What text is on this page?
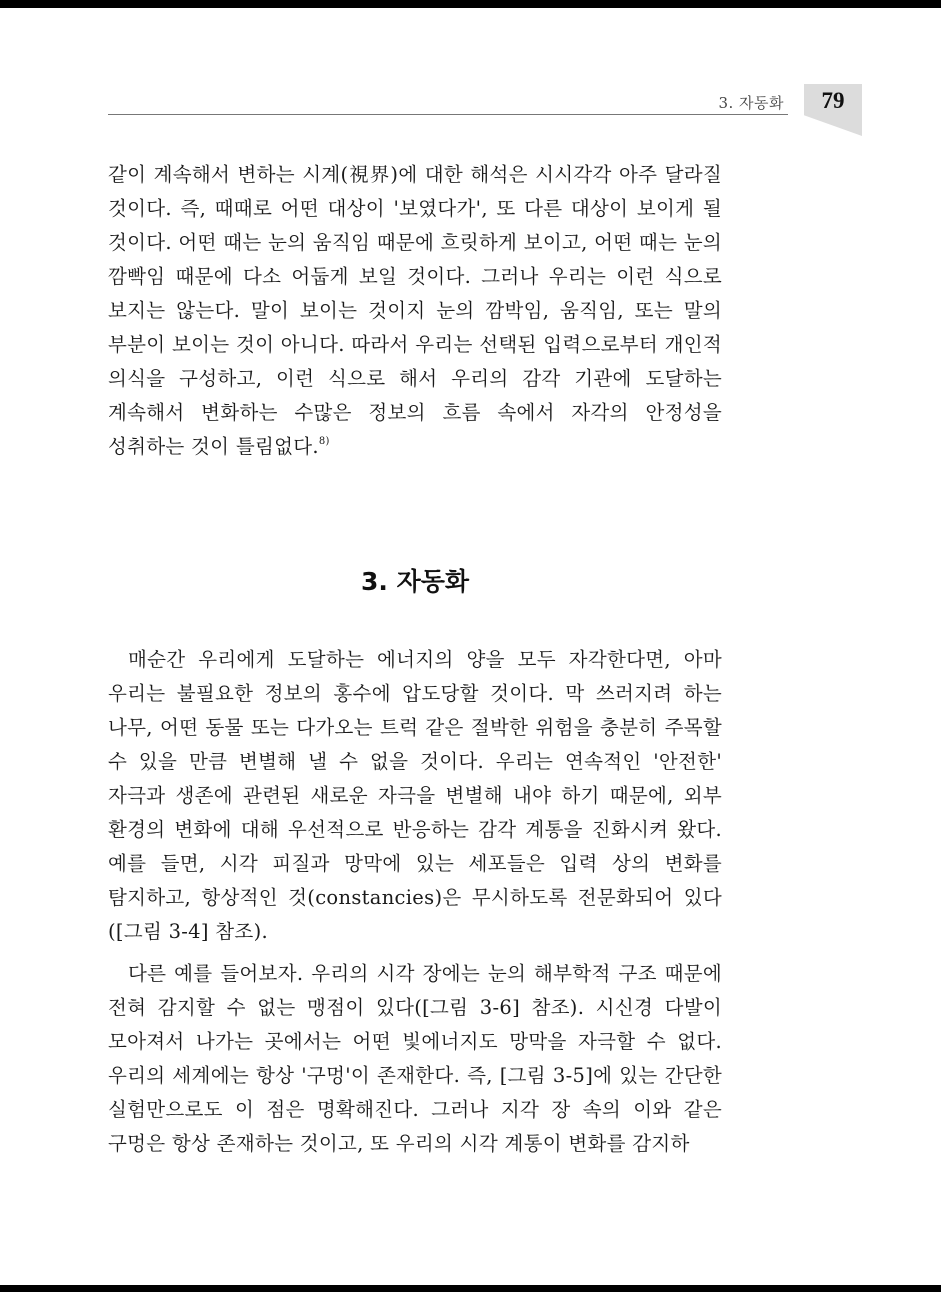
3. 자동화	79

같이 계속해서 변하는 시계(視界)에 대한 해석은 시시각각 아주 달라질 것이다. 즉, 때때로 어떤 대상이 '보였다가', 또 다른 대상이 보이게 될 것이다. 어떤 때는 눈의 움직임 때문에 흐릿하게 보이고, 어떤 때는 눈의 깜빡임 때문에 다소 어둡게 보일 것이다. 그러나 우리는 이런 식으로 보지는 않는다. 말이 보이는 것이지 눈의 깜박임, 움직임, 또는 말의 부분이 보이는 것이 아니다. 따라서 우리는 선택된 입력으로부터 개인적 의식을 구성하고, 이런 식으로 해서 우리의 감각 기관에 도달하는 계속해서 변화하는 수많은 정보의 흐름 속에서 자각의 안정성을 성취하는 것이 틀림없다.$^{8)}$

3. 자동화

매순간 우리에게 도달하는 에너지의 양을 모두 자각한다면, 아마 우리는 불필요한 정보의 홍수에 압도당할 것이다. 막 쓰러지려 하는 나무, 어떤 동물 또는 다가오는 트럭 같은 절박한 위험을 충분히 주목할 수 있을 만큼 변별해 낼 수 없을 것이다. 우리는 연속적인 '안전한' 자극과 생존에 관련된 새로운 자극을 변별해 내야 하기 때문에, 외부 환경의 변화에 대해 우선적으로 반응하는 감각 계통을 진화시켜 왔다. 예를 들면, 시각 피질과 망막에 있는 세포들은 입력 상의 변화를 탐지하고, 항상적인 것(constancies)은 무시하도록 전문화되어 있다([그림 3-4] 참조).

다른 예를 들어보자. 우리의 시각 장에는 눈의 해부학적 구조 때문에 전혀 감지할 수 없는 맹점이 있다([그림 3-6] 참조). 시신경 다발이 모아져서 나가는 곳에서는 어떤 빛에너지도 망막을 자극할 수 없다. 우리의 세계에는 항상 '구멍'이 존재한다. 즉, [그림 3-5]에 있는 간단한 실험만으로도 이 점은 명확해진다. 그러나 지각 장 속의 이와 같은 구멍은 항상 존재하는 것이고, 또 우리의 시각 계통이 변화를 감지하
